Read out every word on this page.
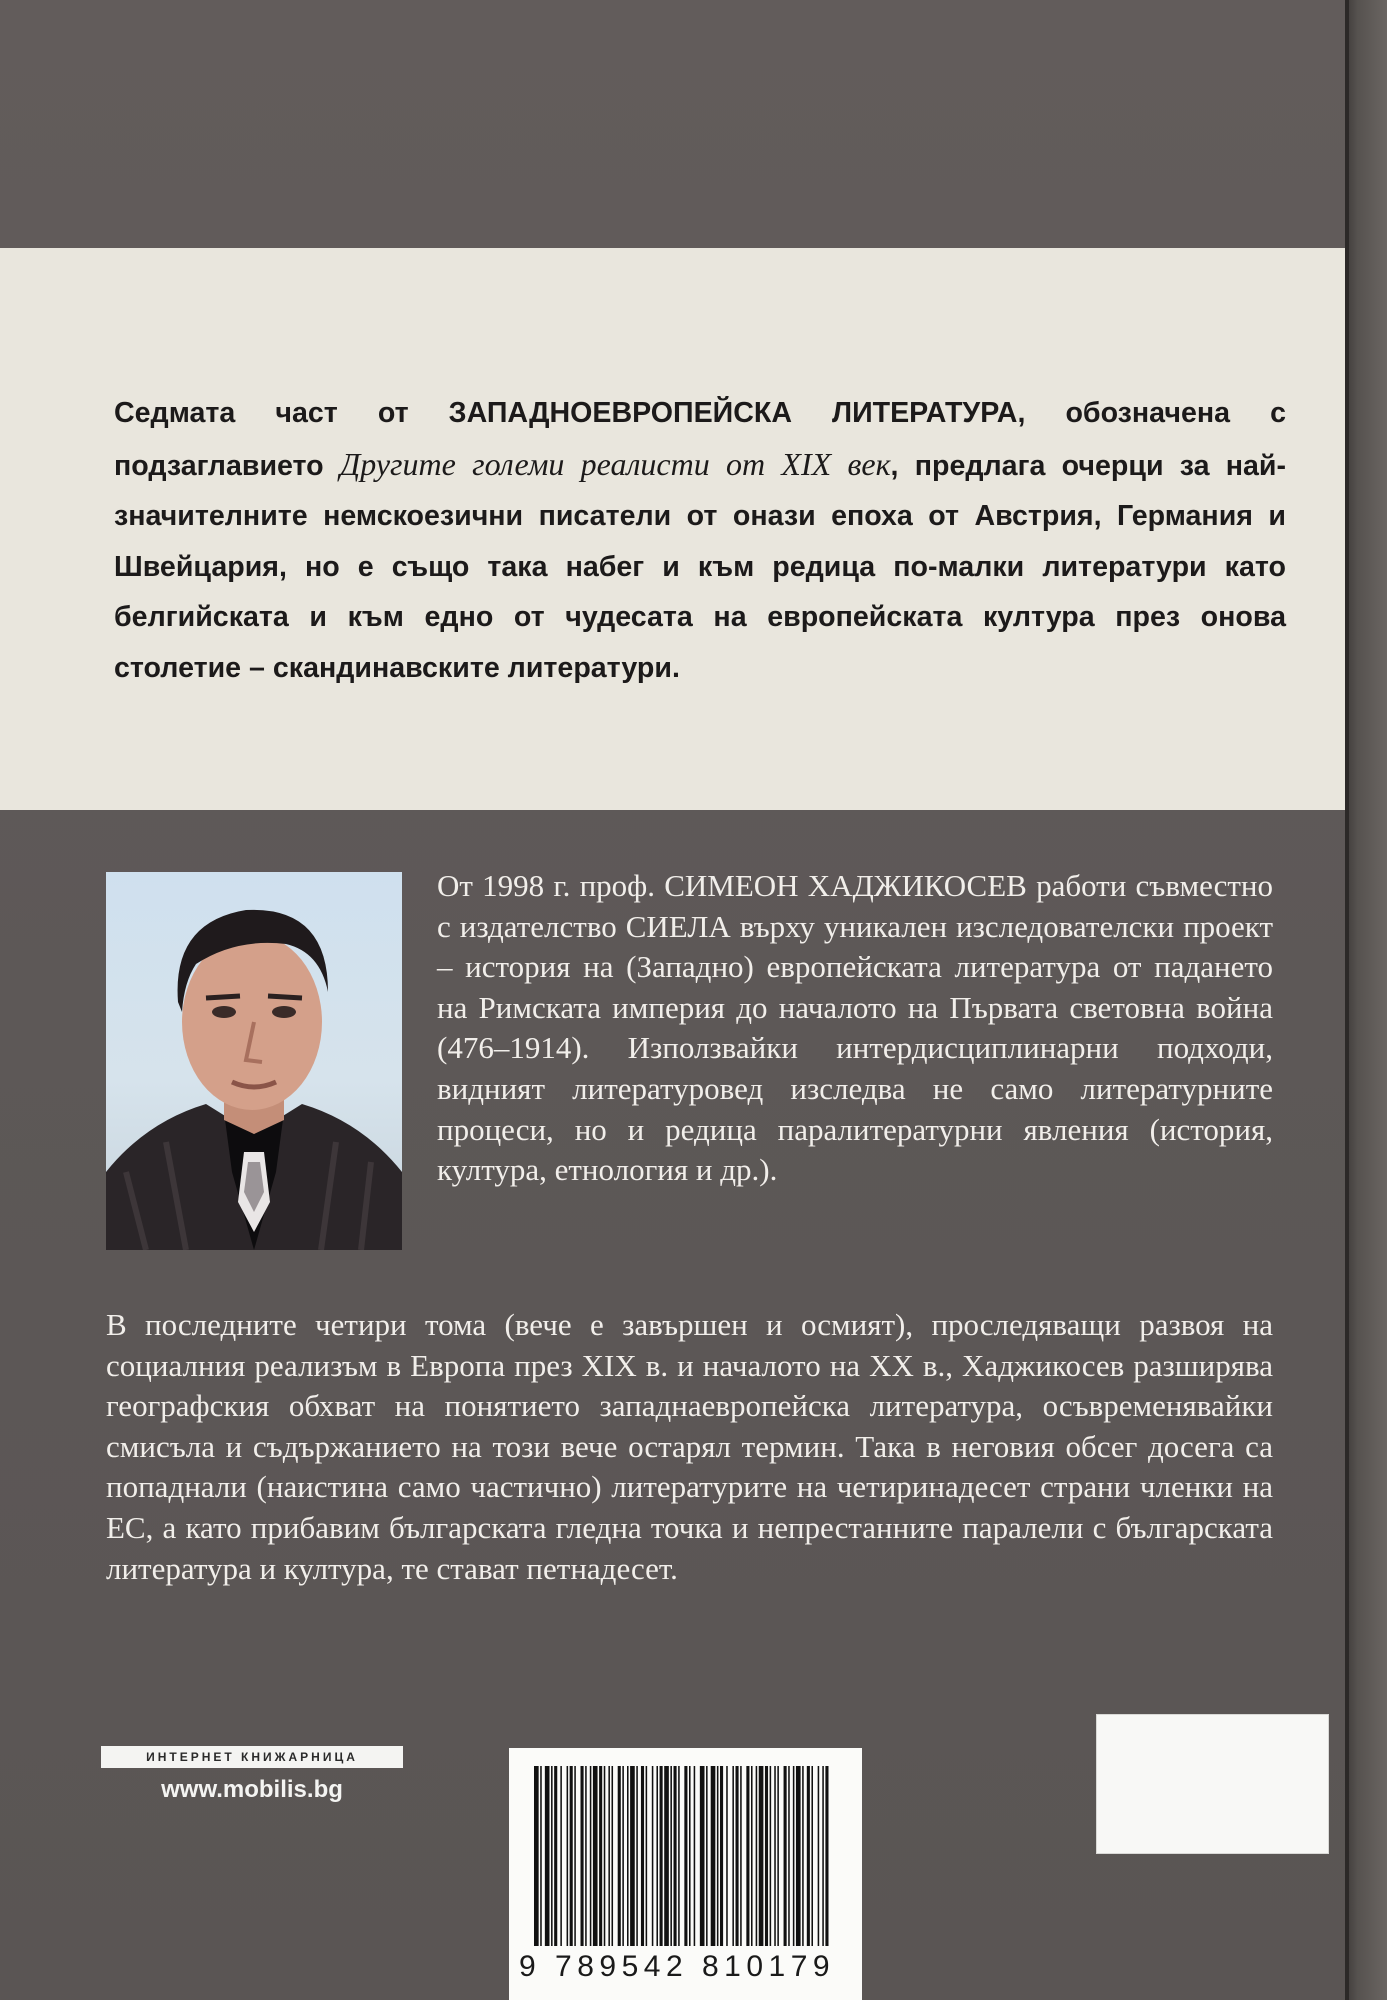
Седмата част от ЗАПАДНОЕВРОПЕЙСКА ЛИТЕРАТУРА, обозначена с подзаглавието Другите големи реалисти от XIX век, предлага очерци за най-значителните немскоезични писатели от онази епоха от Австрия, Германия и Швейцария, но е също така набег и към редица по-малки литератури като белгийската и към едно от чудесата на европейската култура през онова столетие – скандинавските литератури.
От 1998 г. проф. СИМЕОН ХАДЖИКОСЕВ работи съвместно с издателство СИЕЛА върху уникален изследователски проект – история на (Западно) европейската литература от падането на Римската империя до началото на Първата световна война (476–1914). Използвайки интердисциплинарни подходи, видният литературовед изследва не само литературните процеси, но и редица паралитературни явления (история, култура, етнология и др.).
В последните четири тома (вече е завършен и осмият), проследяващи развоя на социалния реализъм в Европа през XIX в. и началото на XX в., Хаджикосев разширява географския обхват на понятието западнаевропейска литература, осъвременявайки смисъла и съдържанието на този вече остарял термин. Така в неговия обсег досега са попаднали (наистина само частично) литературите на четиринадесет страни членки на ЕС, а като прибавим българската гледна точка и непрестанните паралели с българската литература и култура, те стават петнадесет.
ИНТЕРНЕТ КНИЖАРНИЦА
www.mobilis.bg
9 789542 810179
